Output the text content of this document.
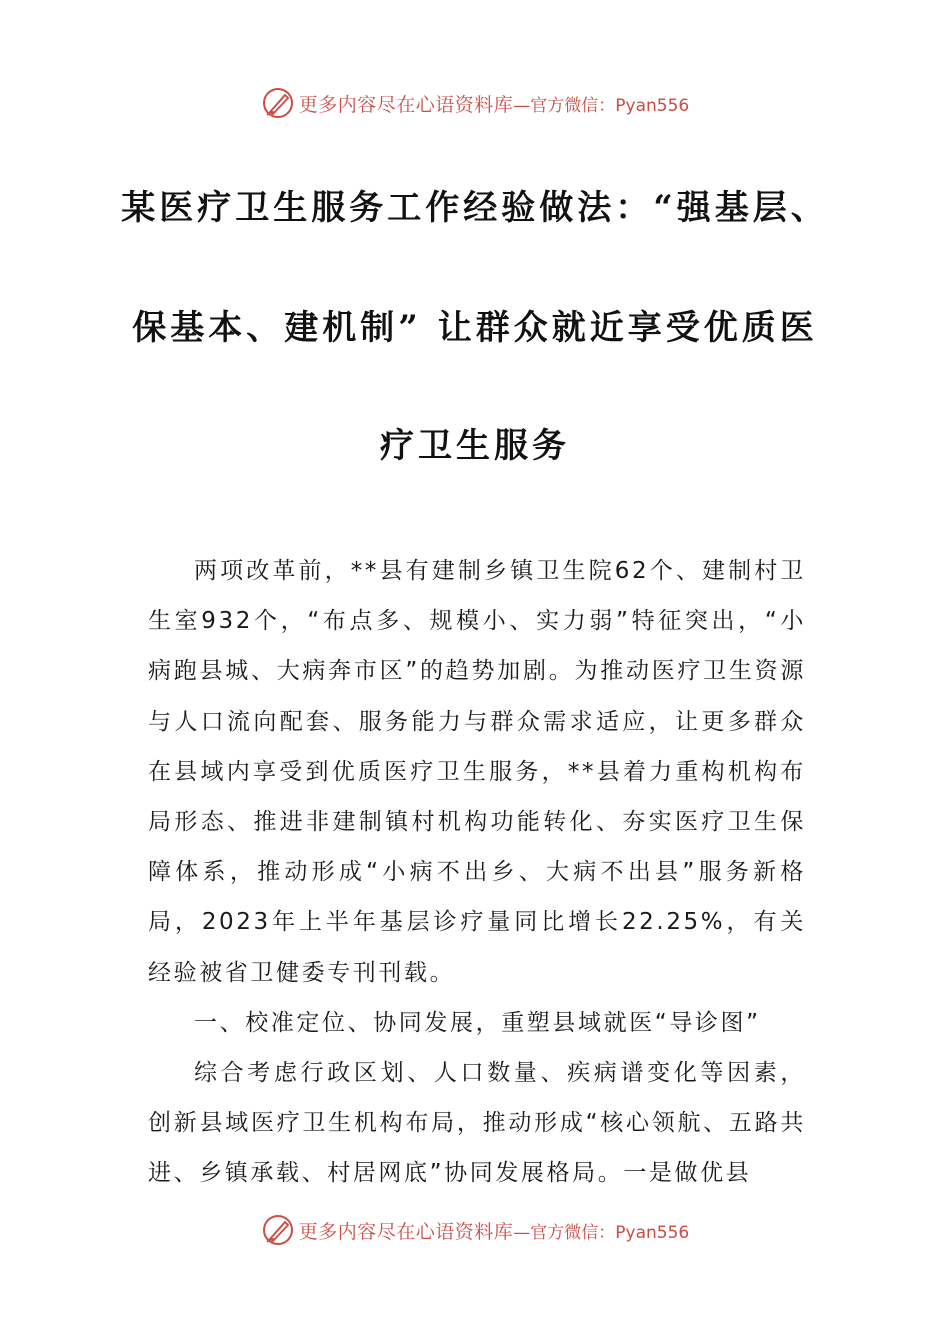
更多内容尽在心语资料库 —官方微信：Pyan556
某医疗卫生服务工作经验做法：“强基层、
保基本、建机制” 让群众就近享受优质医
疗卫生服务

两项改革前，**县有建制乡镇卫生院62个、建制村卫生室932个，“布点多、规模小、实力弱”特征突出，“小病跑县城、大病奔市区”的趋势加剧。为推动医疗卫生资源与人口流向配套、服务能力与群众需求适应，让更多群众在县域内享受到优质医疗卫生服务，**县着力重构机构布局形态、推进非建制镇村机构功能转化、夯实医疗卫生保障体系，推动形成“小病不出乡、大病不出县”服务新格局，2023年上半年基层诊疗量同比增长22.25%，有关经验被省卫健委专刊刊载。

一、校准定位、协同发展，重塑县域就医“导诊图”

综合考虑行政区划、人口数量、疾病谱变化等因素，创新县域医疗卫生机构布局，推动形成“核心领航、五路共进、乡镇承载、村居网底”协同发展格局。一是做优县

更多内容尽在心语资料库 —官方微信：Pyan556
